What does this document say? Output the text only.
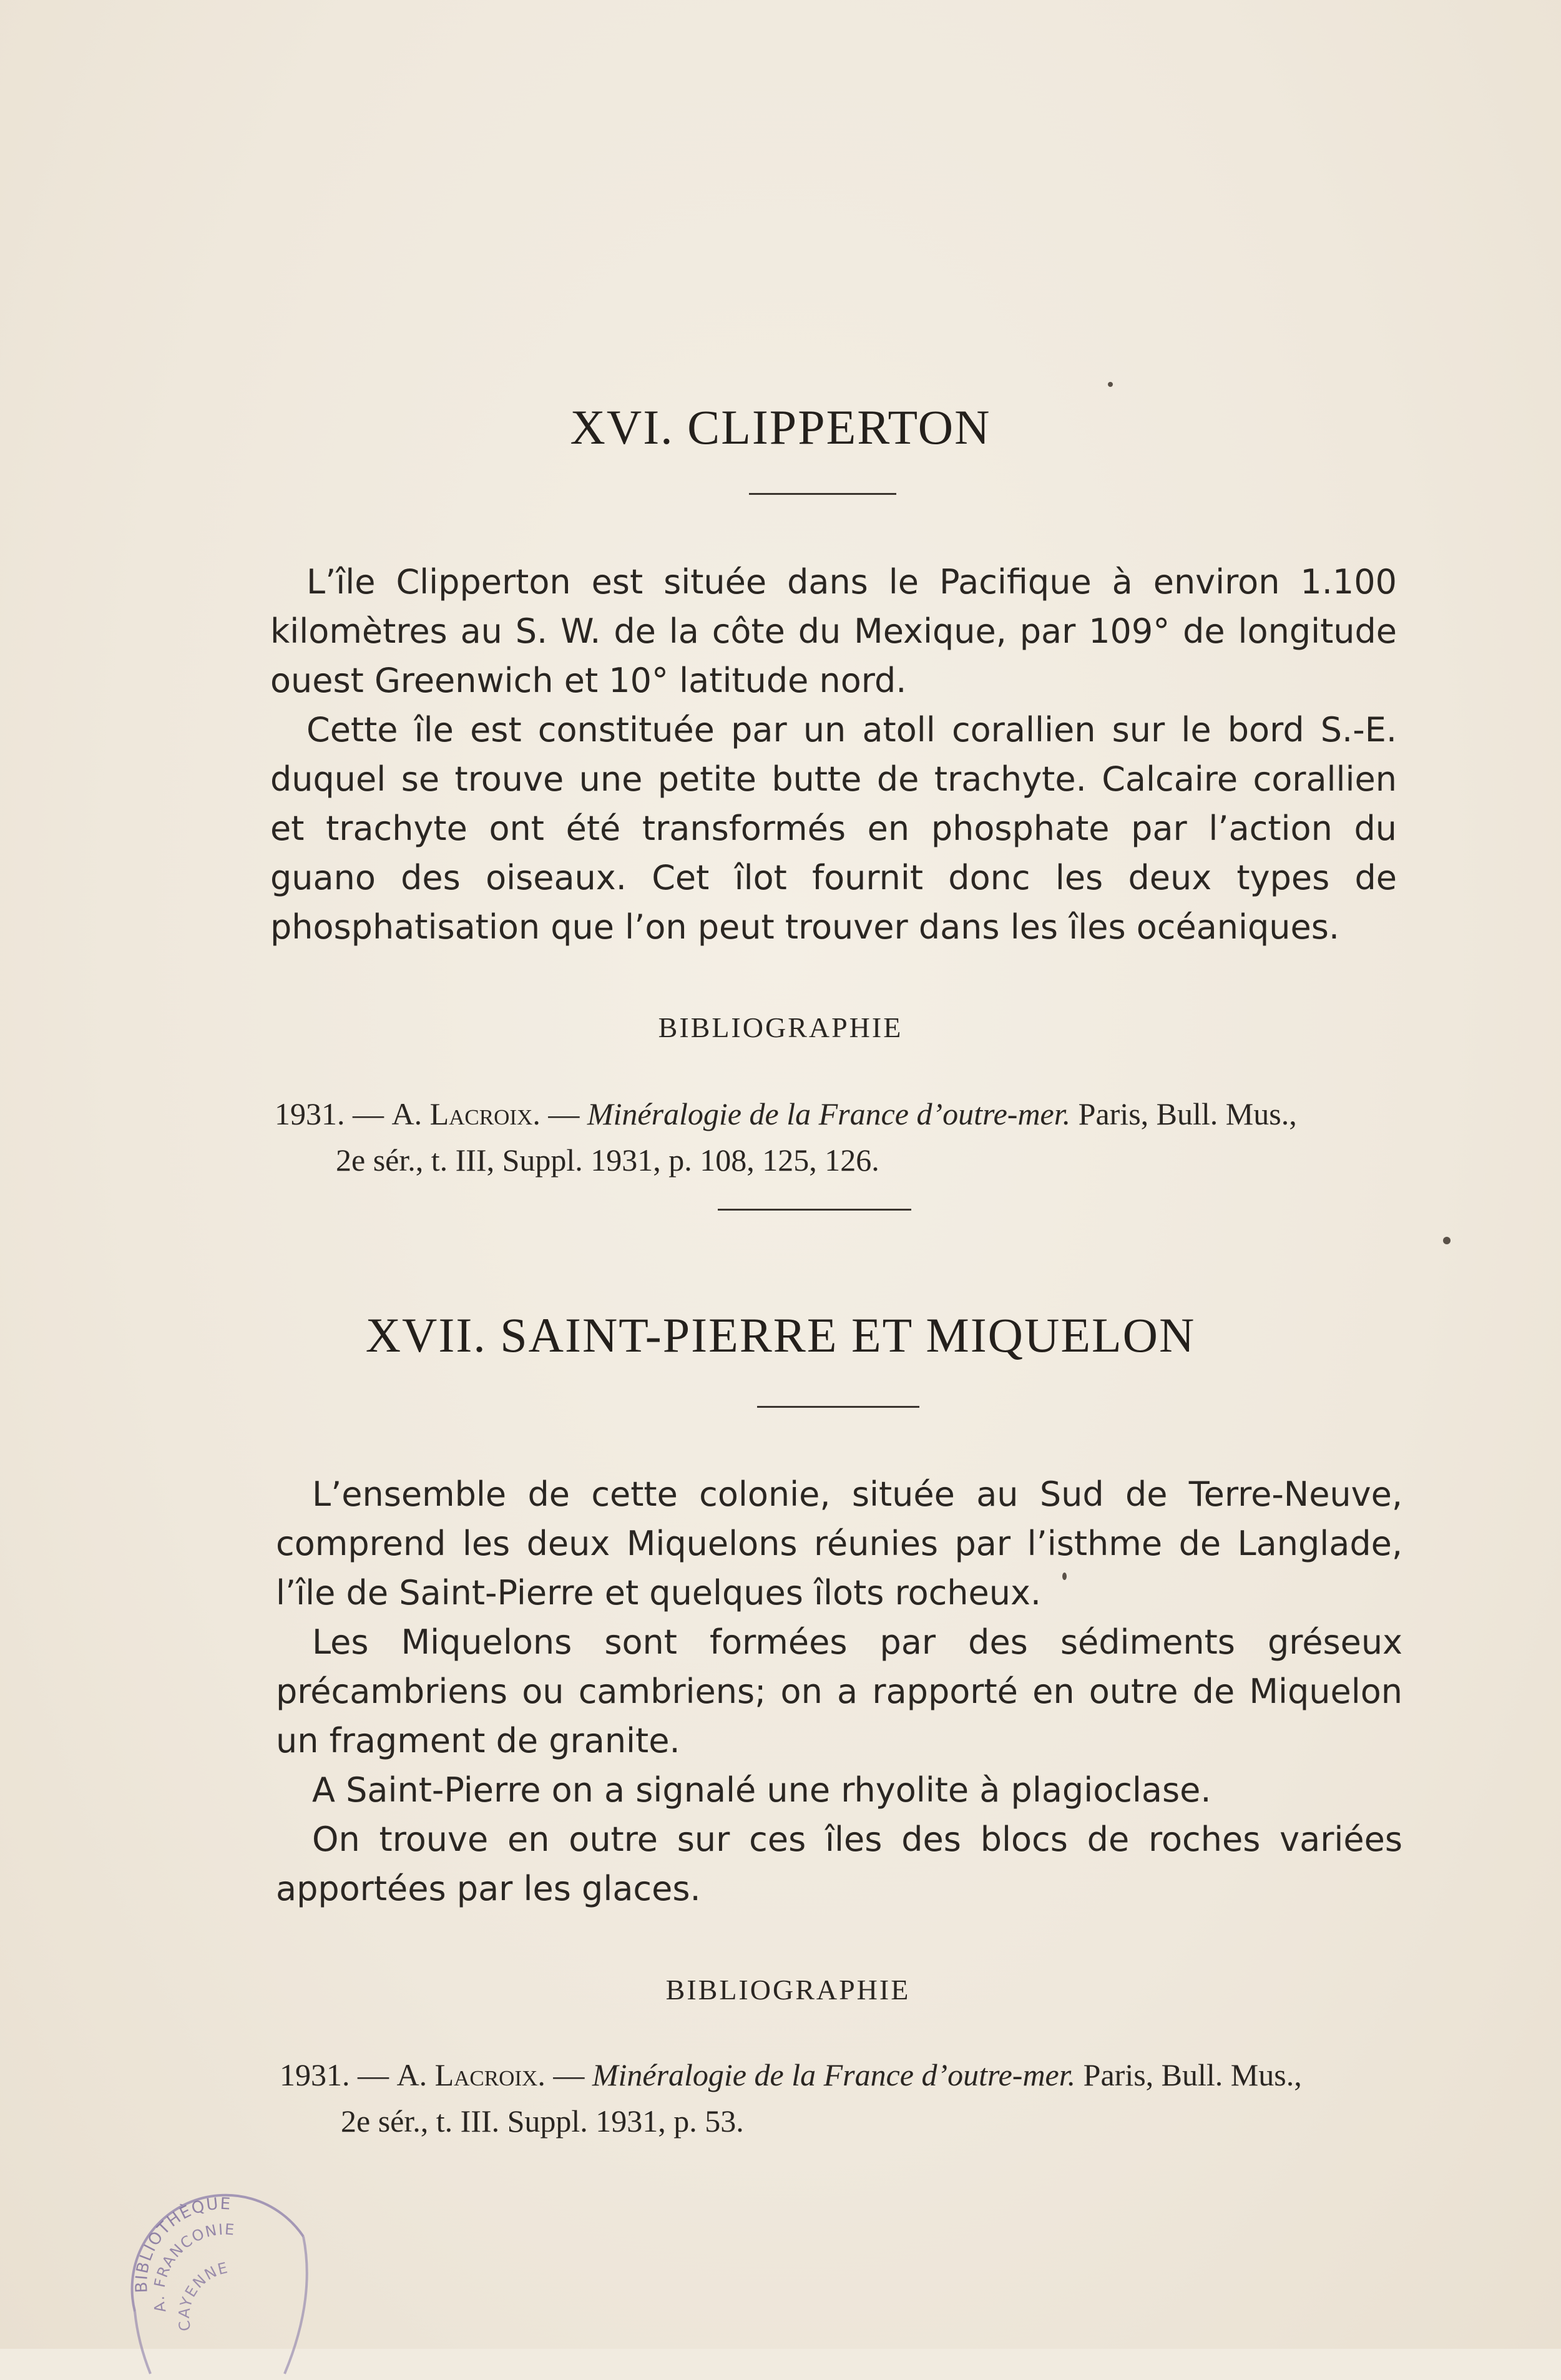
XVI. CLIPPERTON

L’île Clipperton est située dans le Pacifique à environ 1.100 kilomètres au S. W. de la côte du Mexique, par 109° de longitude ouest Greenwich et 10° latitude nord.

Cette île est constituée par un atoll corallien sur le bord S.-E. duquel se trouve une petite butte de trachyte. Calcaire corallien et trachyte ont été transformés en phosphate par l’action du guano des oiseaux. Cet îlot fournit donc les deux types de phosphatisation que l’on peut trouver dans les îles océaniques.

BIBLIOGRAPHIE
1931. — A. Lacroix. — Minéralogie de la France d’outre-mer. Paris, Bull. Mus.,
2e sér., t. III, Suppl. 1931, p. 108, 125, 126.
XVII. SAINT-PIERRE ET MIQUELON

L’ensemble de cette colonie, située au Sud de Terre-Neuve, comprend les deux Miquelons réunies par l’isthme de Langlade, l’île de Saint-Pierre et quelques îlots rocheux.

Les Miquelons sont formées par des sédiments gréseux précambriens ou cambriens; on a rapporté en outre de Miquelon un fragment de granite.

A Saint-Pierre on a signalé une rhyolite à plagioclase.

On trouve en outre sur ces îles des blocs de roches variées apportées par les glaces.

BIBLIOGRAPHIE
1931. — A. Lacroix. — Minéralogie de la France d’outre-mer. Paris, Bull. Mus.,
2e sér., t. III. Suppl. 1931, p. 53.
BIBLIOTHÈQUE
A. FRANCONIE
CAYENNE
